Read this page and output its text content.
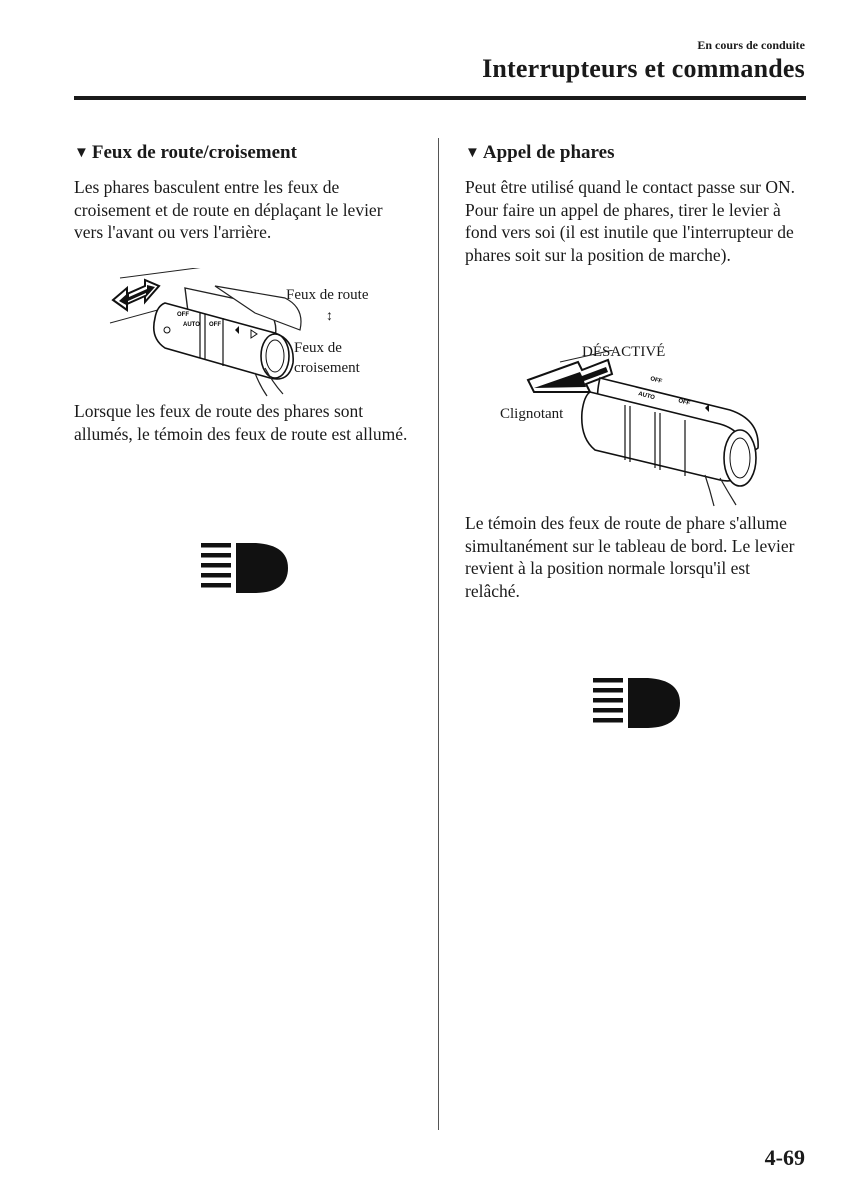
En cours de conduite
Interrupteurs et commandes
▼ Feux de route/croisement

Les phares basculent entre les feux de croisement et de route en déplaçant le levier vers l'avant ou vers l'arrière.

OFF
AUTO OFF
Feux de route
↕
Feux de
croisement

Lorsque les feux de route des phares sont allumés, le témoin des feux de route est allumé.

▼ Appel de phares

Peut être utilisé quand le contact passe sur ON.

Pour faire un appel de phares, tirer le levier à fond vers soi (il est inutile que l'interrupteur de phares soit sur la position de marche).

OFF
AUTO
OFF
DÉSACTIVÉ
Clignotant

Le témoin des feux de route de phare s'allume simultanément sur le tableau de bord. Le levier revient à la position normale lorsqu'il est relâché.

4-69
